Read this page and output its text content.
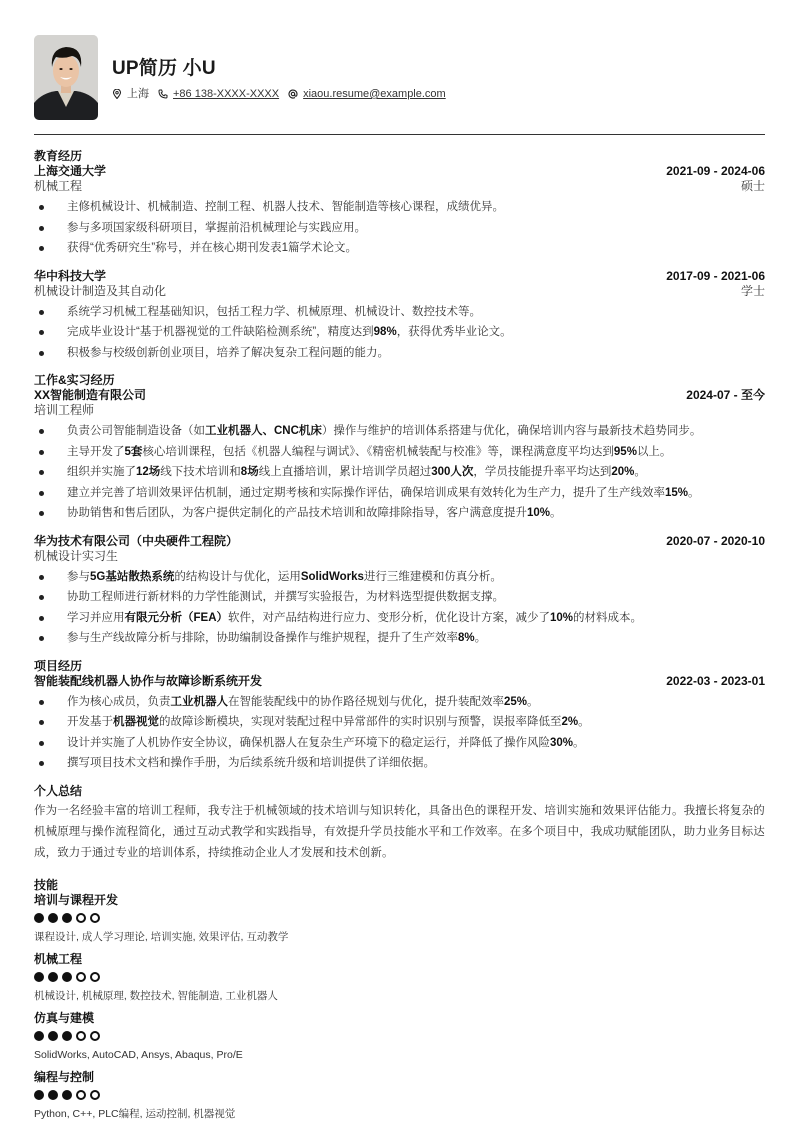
UP简历 小U
上海 +86 138-XXXX-XXXX xiaou.resume@example.com
教育经历
上海交通大学	2021-09 - 2024-06
机械工程	硕士
主修机械设计、机械制造、控制工程、机器人技术、智能制造等核心课程，成绩优异。
参与多项国家级科研项目，掌握前沿机械理论与实践应用。
获得“优秀研究生”称号，并在核心期刊发表1篇学术论文。
华中科技大学	2017-09 - 2021-06
机械设计制造及其自动化	学士
系统学习机械工程基础知识，包括工程力学、机械原理、机械设计、数控技术等。
完成毕业设计“基于机器视觉的工件缺陷检测系统”，精度达到98%，获得优秀毕业论文。
积极参与校级创新创业项目，培养了解决复杂工程问题的能力。
工作&实习经历
XX智能制造有限公司	2024-07 - 至今
培训工程师
负责公司智能制造设备（如工业机器人、CNC机床）操作与维护的培训体系搭建与优化，确保培训内容与最新技术趋势同步。
主导开发了5套核心培训课程，包括《机器人编程与调试》、《精密机械装配与校准》等，课程满意度平均达到95%以上。
组织并实施了12场线下技术培训和8场线上直播培训，累计培训学员超过300人次，学员技能提升率平均达到20%。
建立并完善了培训效果评估机制，通过定期考核和实际操作评估，确保培训成果有效转化为生产力，提升了生产线效率15%。
协助销售和售后团队，为客户提供定制化的产品技术培训和故障排除指导，客户满意度提升10%。
华为技术有限公司（中央硬件工程院）	2020-07 - 2020-10
机械设计实习生
参与5G基站散热系统的结构设计与优化，运用SolidWorks进行三维建模和仿真分析。
协助工程师进行新材料的力学性能测试，并撰写实验报告，为材料选型提供数据支撑。
学习并应用有限元分析（FEA）软件，对产品结构进行应力、变形分析，优化设计方案，减少了10%的材料成本。
参与生产线故障分析与排除，协助编制设备操作与维护规程，提升了生产效率8%。
项目经历
智能装配线机器人协作与故障诊断系统开发	2022-03 - 2023-01
作为核心成员，负责工业机器人在智能装配线中的协作路径规划与优化，提升装配效率25%。
开发基于机器视觉的故障诊断模块，实现对装配过程中异常部件的实时识别与预警，误报率降低至2%。
设计并实施了人机协作安全协议，确保机器人在复杂生产环境下的稳定运行，并降低了操作风险30%。
撰写项目技术文档和操作手册，为后续系统升级和培训提供了详细依据。
个人总结
作为一名经验丰富的培训工程师，我专注于机械领域的技术培训与知识转化，具备出色的课程开发、培训实施和效果评估能力。我擅长将复杂的机械原理与操作流程简化，通过互动式教学和实践指导，有效提升学员技能水平和工作效率。在多个项目中，我成功赋能团队，助力业务目标达成，致力于通过专业的培训体系，持续推动企业人才发展和技术创新。
技能
培训与课程开发
课程设计, 成人学习理论, 培训实施, 效果评估, 互动教学
机械工程
机械设计, 机械原理, 数控技术, 智能制造, 工业机器人
仿真与建模
SolidWorks, AutoCAD, Ansys, Abaqus, Pro/E
编程与控制
Python, C++, PLC编程, 运动控制, 机器视觉
